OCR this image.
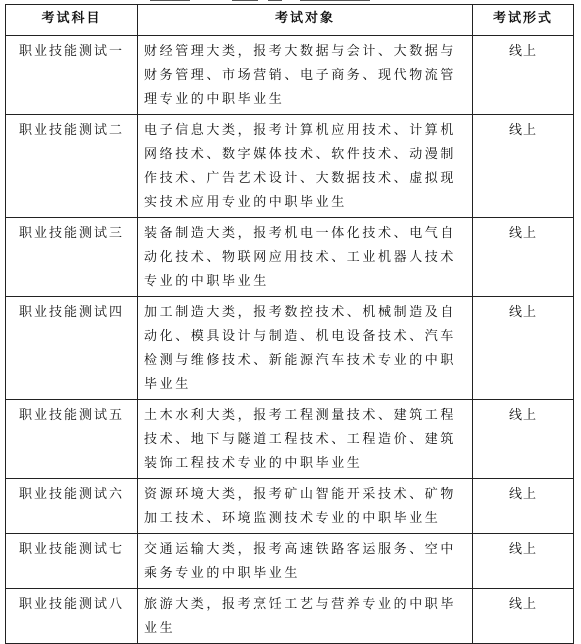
考试科目	考试对象	考试形式
职业技能测试一	财经管理大类，报考大数据与会计、大数据与财务管理、市场营销、电子商务、现代物流管理专业的中职毕业生	线上
职业技能测试二	电子信息大类，报考计算机应用技术、计算机网络技术、数字媒体技术、软件技术、动漫制作技术、广告艺术设计、大数据技术、虚拟现实技术应用专业的中职毕业生	线上
职业技能测试三	装备制造大类，报考机电一体化技术、电气自动化技术、物联网应用技术、工业机器人技术专业的中职毕业生	线上
职业技能测试四	加工制造大类，报考数控技术、机械制造及自动化、模具设计与制造、机电设备技术、汽车检测与维修技术、新能源汽车技术专业的中职毕业生	线上
职业技能测试五	土木水利大类，报考工程测量技术、建筑工程技术、地下与隧道工程技术、工程造价、建筑装饰工程技术专业的中职毕业生	线上
职业技能测试六	资源环境大类，报考矿山智能开采技术、矿物加工技术、环境监测技术专业的中职毕业生	线上
职业技能测试七	交通运输大类，报考高速铁路客运服务、空中乘务专业的中职毕业生	线上
职业技能测试八	旅游大类，报考烹饪工艺与营养专业的中职毕业生	线上
